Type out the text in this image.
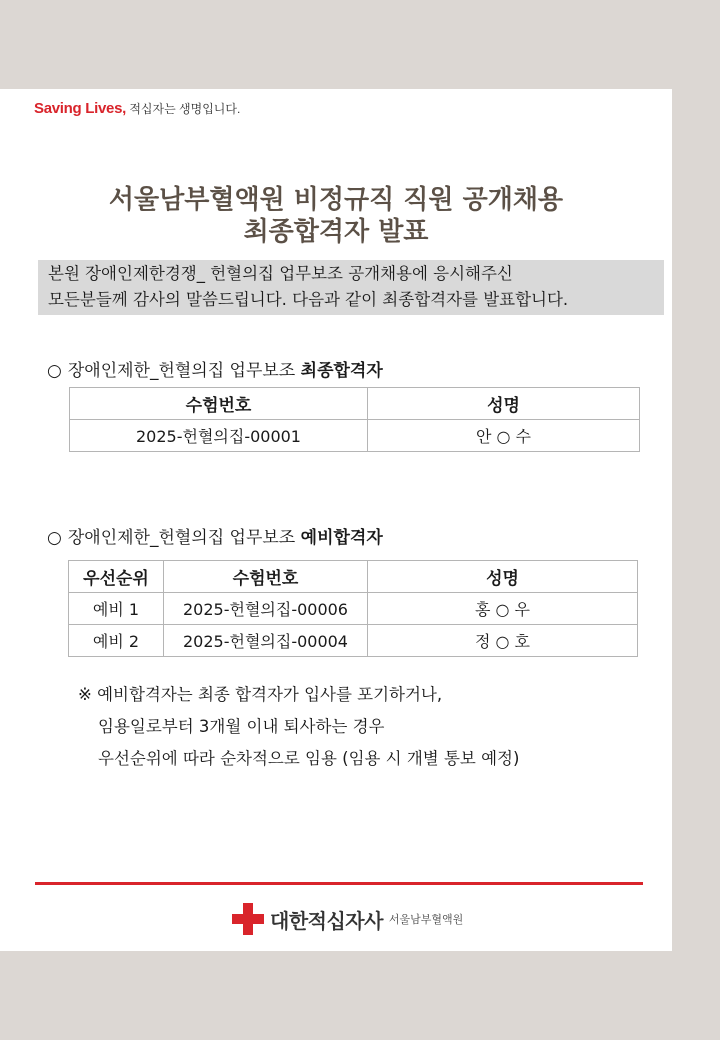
Saving Lives, 적십자는 생명입니다.
서울남부혈액원 비정규직 직원 공개채용
최종합격자 발표
본원 장애인제한경쟁_ 헌혈의집 업무보조 공개채용에 응시해주신
모든분들께 감사의 말씀드립니다. 다음과 같이 최종합격자를 발표합니다.
○ 장애인제한_헌혈의집 업무보조 최종합격자
수험번호	성명
2025-헌혈의집-00001	안 ○ 수
○ 장애인제한_헌혈의집 업무보조 예비합격자
우선순위	수험번호	성명
예비 1	2025-헌혈의집-00006	홍 ○ 우
예비 2	2025-헌혈의집-00004	정 ○ 호
※ 예비합격자는 최종 합격자가 입사를 포기하거나,
임용일로부터 3개월 이내 퇴사하는 경우
우선순위에 따라 순차적으로 임용 (임용 시 개별 통보 예정)
대한적십자사 서울남부혈액원
